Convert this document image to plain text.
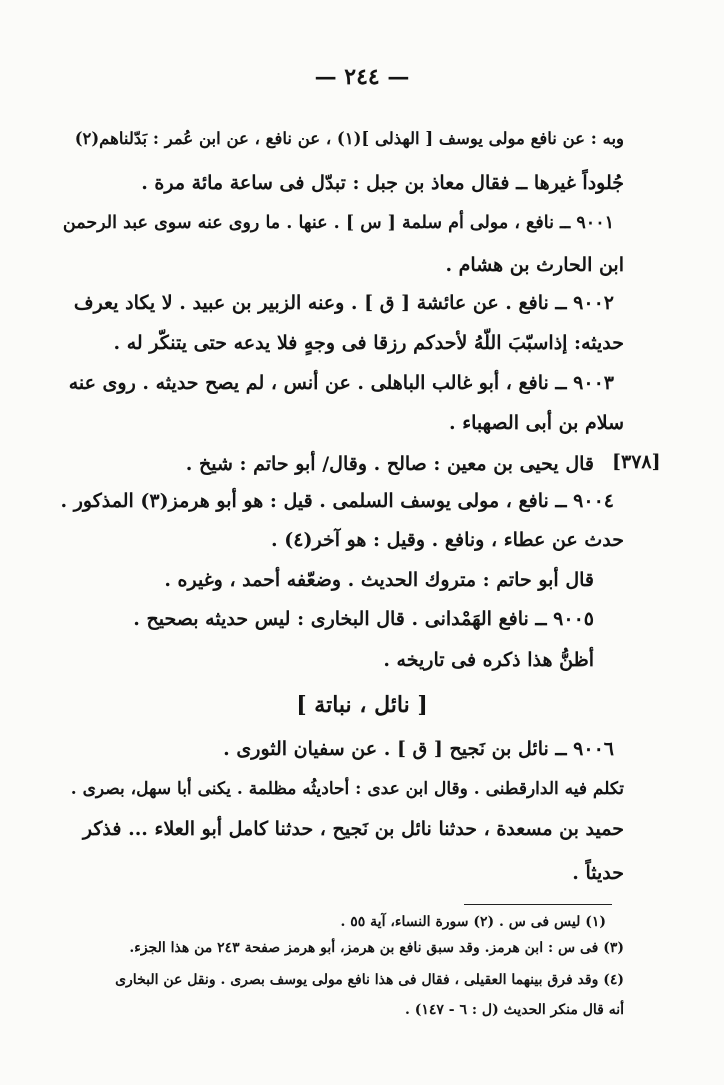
— ٢٤٤ —
وبه : عن نافع مولى يوسف [ الهذلى ](١) ، عن نافع ، عن ابن عُمر : بَدّلناهم(٢)
جُلوداً غيرها ــ فقال معاذ بن جبل : تبدّل فى ساعة مائة مرة .
٩٠٠١ ــ نافع ، مولى أم سلمة [ س ] . عنها . ما روى عنه سوى عبد الرحمن
ابن الحارث بن هشام .
٩٠٠٢ ــ نافع . عن عائشة [ ق ] . وعنه الزبير بن عبيد . لا يكاد يعرف
حديثه: إذاسبّبَ اللّهُ لأحدكم رزقا فى وجهٍ فلا يدعه حتى يتنكّر له .
٩٠٠٣ ــ نافع ، أبو غالب الباهلى . عن أنس ، لم يصح حديثه . روى عنه
سلام بن أبى الصهباء .
[٣٧٨]
قال يحيى بن معين : صالح . وقال/ أبو حاتم : شيخ .
٩٠٠٤ ــ نافع ، مولى يوسف السلمى . قيل : هو أبو هرمز(٣) المذكور .
حدث عن عطاء ، ونافع . وقيل : هو آخر(٤) .
قال أبو حاتم : متروك الحديث . وضعّفه أحمد ، وغيره .
٩٠٠٥ ــ نافع الهَمْدانى . قال البخارى : ليس حديثه بصحيح .
أظنُّ هذا ذكره فى تاريخه .
[ نائل ، نباتة ]
٩٠٠٦ ــ نائل بن نَجيح [ ق ] . عن سفيان الثورى .
تكلم فيه الدارقطنى . وقال ابن عدى : أحاديثُه مظلمة . يكنى أبا سهل، بصرى .
حميد بن مسعدة ، حدثنا نائل بن نَجيح ، حدثنا كامل أبو العلاء ... فذكر
حديثاً .
(١) ليس فى س . (٢) سورة النساء، آية ٥٥ .
(٣) فى س : ابن هرمز. وقد سبق نافع بن هرمز، أبو هرمز صفحة ٢٤٣ من هذا الجزء.
(٤) وقد فرق بينهما العقيلى ، فقال فى هذا نافع مولى يوسف بصرى . ونقل عن البخارى
أنه قال منكر الحديث (ل : ٦ - ١٤٧) .
